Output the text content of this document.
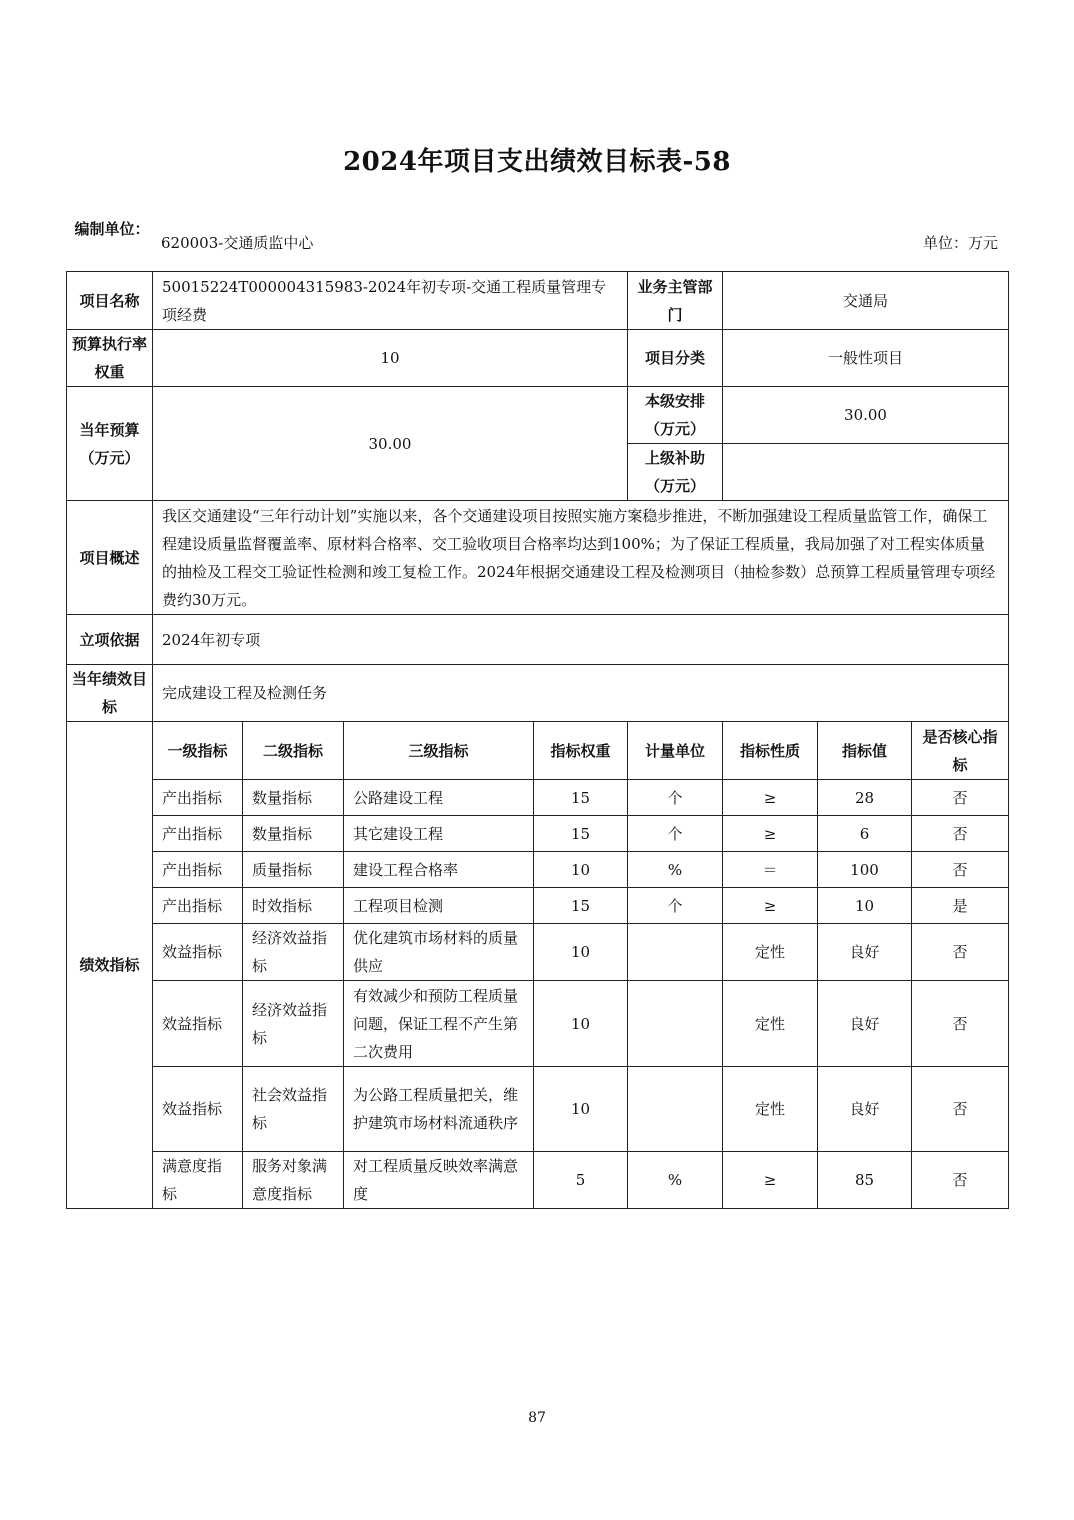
2024年项目支出绩效目标表-58
编制单位：
620003-交通质监中心	单位：万元
项目名称	50015224T000004315983-2024年初专项-交通工程质量管理专项经费				业务主管部门	交通局		
预算执行率权重	10				项目分类	一般性项目		
当年预算（万元）	30.00				本级安排（万元）	30.00		
					上级补助（万元）			
项目概述	我区交通建设“三年行动计划”实施以来，各个交通建设项目按照实施方案稳步推进，不断加强建设工程质量监管工作，确保工程建设质量监督覆盖率、原材料合格率、交工验收项目合格率均达到100%；为了保证工程质量，我局加强了对工程实体质量的抽检及工程交工验证性检测和竣工复检工作。2024年根据交通建设工程及检测项目（抽检参数）总预算工程质量管理专项经费约30万元。							
立项依据	2024年初专项							
当年绩效目标	完成建设工程及检测任务							
绩效指标	一级指标	二级指标	三级指标	指标权重	计量单位	指标性质	指标值	是否核心指标
	产出指标	数量指标	公路建设工程	15	个	≥	28	否
	产出指标	数量指标	其它建设工程	15	个	≥	6	否
	产出指标	质量指标	建设工程合格率	10	%	＝	100	否
	产出指标	时效指标	工程项目检测	15	个	≥	10	是
	效益指标	经济效益指标	优化建筑市场材料的质量供应	10		定性	良好	否
	效益指标	经济效益指标	有效减少和预防工程质量问题，保证工程不产生第二次费用	10		定性	良好	否
	效益指标	社会效益指标	为公路工程质量把关，维护建筑市场材料流通秩序	10		定性	良好	否
	满意度指标	服务对象满意度指标	对工程质量反映效率满意度	5	%	≥	85	否
87
